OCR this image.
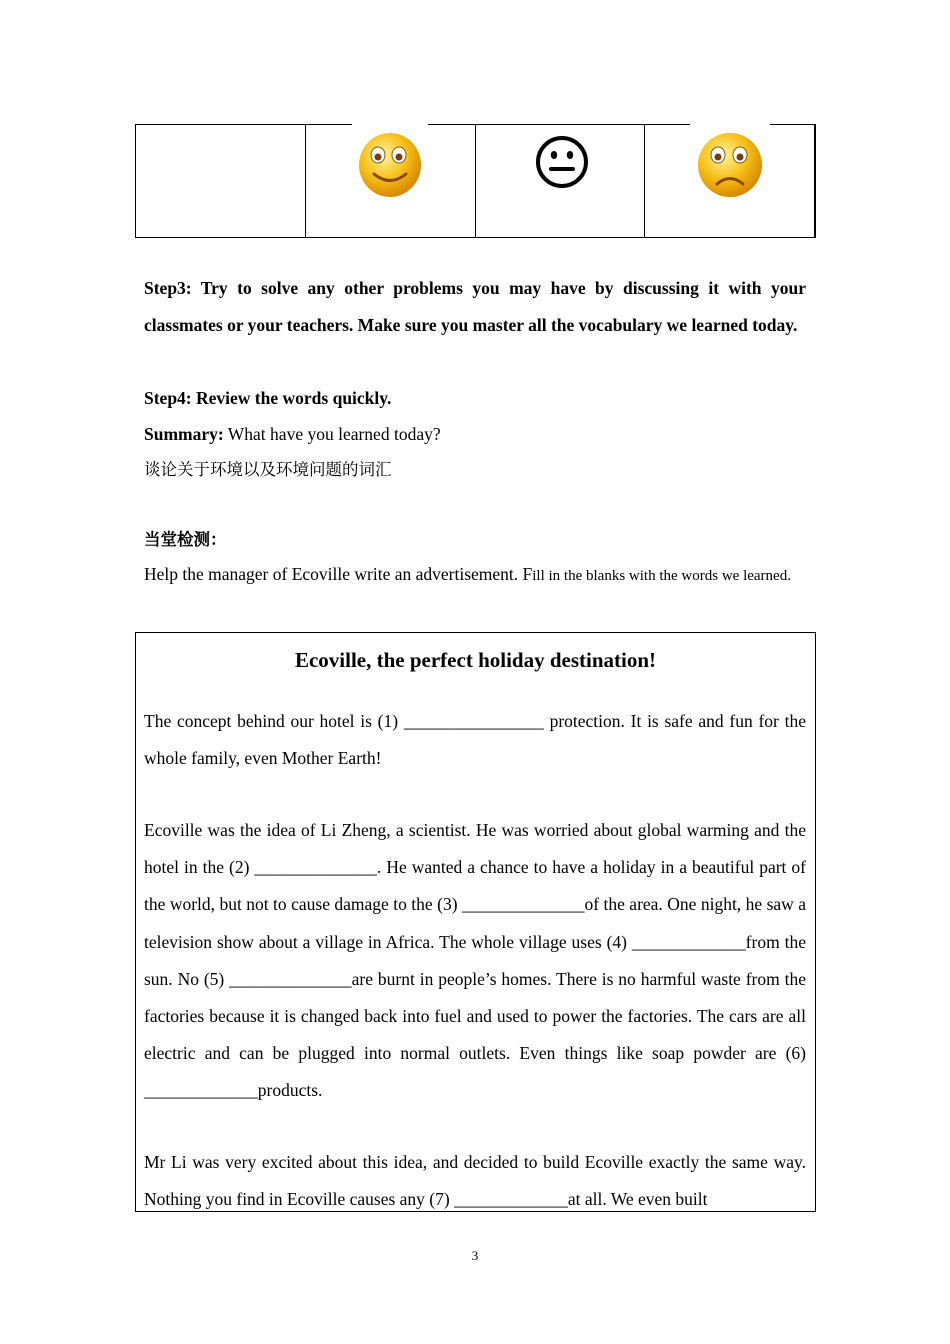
Step3: Try to solve any other problems you may have by discussing it with your classmates or your teachers. Make sure you master all the vocabulary we learned today.
Step4: Review the words quickly.
Summary: What have you learned today?
谈论关于环境以及环境问题的词汇
当堂检测：
Help the manager of Ecoville write an advertisement. Fill in the blanks with the words we learned.
Ecoville, the perfect holiday destination!
The concept behind our hotel is (1) ________________ protection. It is safe and fun for the whole family, even Mother Earth!
Ecoville was the idea of Li Zheng, a scientist. He was worried about global warming and the hotel in the (2) ______________. He wanted a chance to have a holiday in a beautiful part of the world, but not to cause damage to the (3) ______________of the area. One night, he saw a television show about a village in Africa. The whole village uses (4) _____________from the sun. No (5) ______________are burnt in people’s homes. There is no harmful waste from the factories because it is changed back into fuel and used to power the factories. The cars are all electric and can be plugged into normal outlets. Even things like soap powder are (6) _____________products.
Mr Li was very excited about this idea, and decided to build Ecoville exactly the same way. Nothing you find in Ecoville causes any (7) _____________at all. We even built
3
